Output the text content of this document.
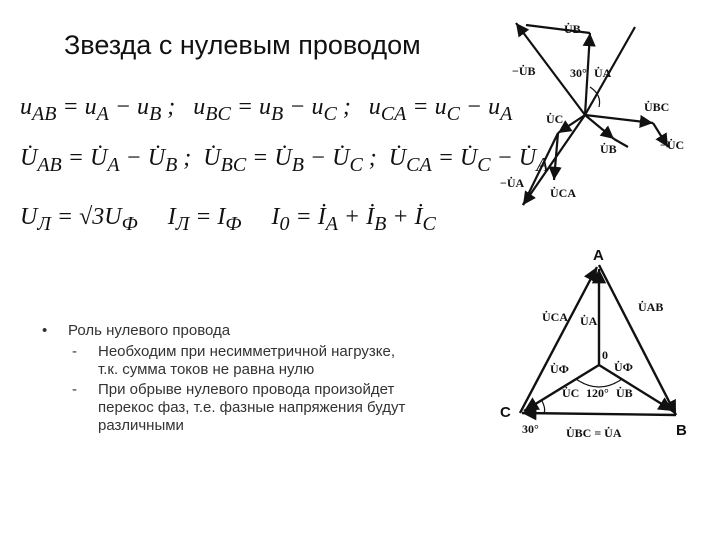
Звезда с нулевым проводом
$u_{AB} = u_A - u_B$ ;   $u_{BC} = u_B - u_C$ ;   $u_{CA} = u_C - u_A$
$U̇_{AB}$ = $U̇_A$ − $U̇_B$ ;  $U̇_{BC}$ = $U̇_B$ − $U̇_C$ ;  $U̇_{CA}$ = $U̇_C$ − $U̇_A$
$U_Л = √3U_Ф$     $I_Л = I_Ф$     $I_0$ = $İ_A$ + $İ_B$ + $İ_C$
• Роль нулевого провода
- Необходим при несимметричной нагрузке, т.к. сумма токов не равна нулю
- При обрыве нулевого провода произойдет перекос фаз, т.е. фазные напряжения будут различными
U̇B
−U̇B	30° U̇A
U̇C
U̇BC
U̇B	−U̇C
−U̇A
U̇CA
A
B
C
0
U̇CA U̇A
U̇AB
U̇Ф	U̇Ф
U̇C 120° U̇B
30° U̇BC = U̇A
